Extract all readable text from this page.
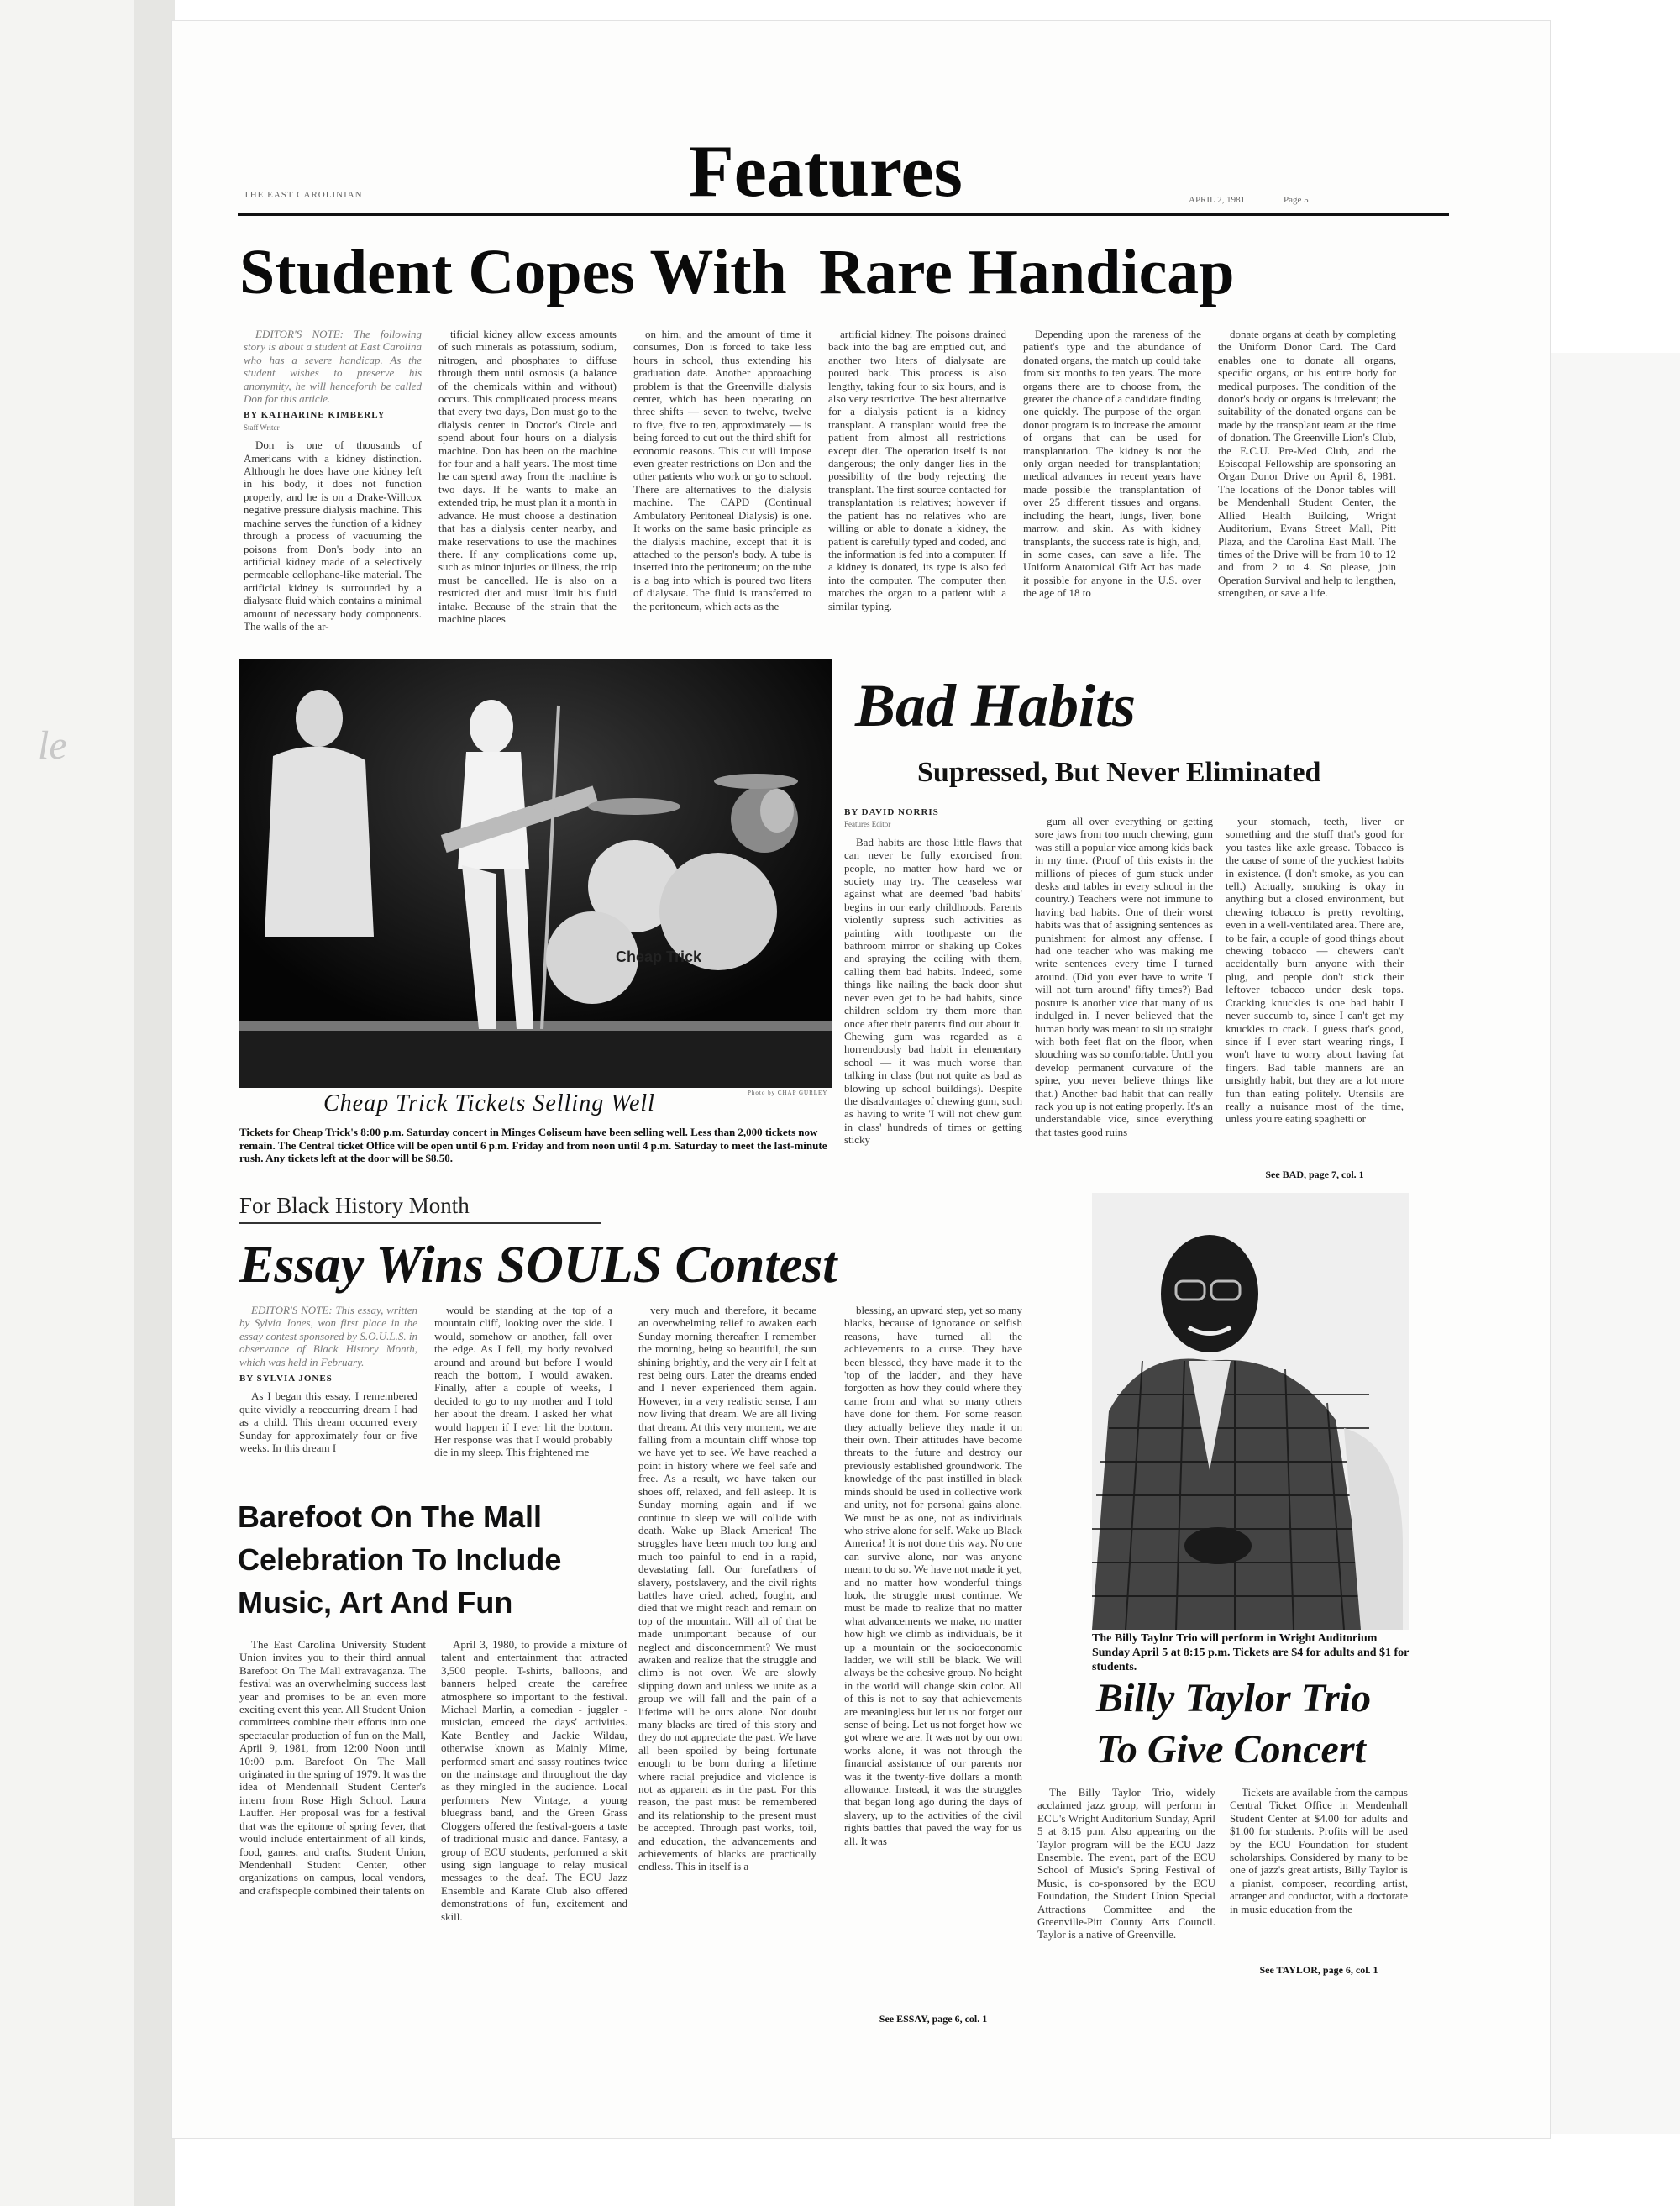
le
THE EAST CAROLINIAN	Features	APRIL 2, 1981	Page 5
Student Copes With  Rare Handicap

EDITOR'S NOTE: The following story is about a student at East Carolina who has a severe handicap. As the student wishes to preserve his anonymity, he will henceforth be called Don for this article.

BY KATHARINE KIMBERLY

Staff Writer

Don is one of thousands of Americans with a kidney distinction. Although he does have one kidney left in his body, it does not function properly, and he is on a Drake-Willcox negative pressure dialysis machine. This machine serves the function of a kidney through a process of vacuuming the poisons from Don's body into an artificial kidney made of a selectively permeable cellophane-like material. The artificial kidney is surrounded by a dialysate fluid which contains a minimal amount of necessary body components. The walls of the ar-

tificial kidney allow excess amounts of such minerals as potassium, sodium, nitrogen, and phosphates to diffuse through them until osmosis (a balance of the chemicals within and without) occurs. This complicated process means that every two days, Don must go to the dialysis center in Doctor's Circle and spend about four hours on a dialysis machine. Don has been on the machine for four and a half years. The most time he can spend away from the machine is two days. If he wants to make an extended trip, he must plan it a month in advance. He must choose a destination that has a dialysis center nearby, and make reservations to use the machines there. If any complications come up, such as minor injuries or illness, the trip must be cancelled. He is also on a restricted diet and must limit his fluid intake. Because of the strain that the machine places

on him, and the amount of time it consumes, Don is forced to take less hours in school, thus extending his graduation date. Another approaching problem is that the Greenville dialysis center, which has been operating on three shifts — seven to twelve, twelve to five, five to ten, approximately — is being forced to cut out the third shift for economic reasons. This cut will impose even greater restrictions on Don and the other patients who work or go to school. There are alternatives to the dialysis machine. The CAPD (Continual Ambulatory Peritoneal Dialysis) is one. It works on the same basic principle as the dialysis machine, except that it is attached to the person's body. A tube is inserted into the peritoneum; on the tube is a bag into which is poured two liters of dialysate. The fluid is transferred to the peritoneum, which acts as the

artificial kidney. The poisons drained back into the bag are emptied out, and another two liters of dialysate are poured back. This process is also lengthy, taking four to six hours, and is also very restrictive. The best alternative for a dialysis patient is a kidney transplant. A transplant would free the patient from almost all restrictions except diet. The operation itself is not dangerous; the only danger lies in the possibility of the body rejecting the transplant. The first source contacted for transplantation is relatives; however if the patient has no relatives who are willing or able to donate a kidney, the patient is carefully typed and coded, and the information is fed into a computer. If a kidney is donated, its type is also fed into the computer. The computer then matches the organ to a patient with a similar typing.

Depending upon the rareness of the patient's type and the abundance of donated organs, the match up could take from six months to ten years. The more organs there are to choose from, the greater the chance of a candidate finding one quickly. The purpose of the organ donor program is to increase the amount of organs that can be used for transplantation. The kidney is not the only organ needed for transplantation; medical advances in recent years have made possible the transplantation of over 25 different tissues and organs, including the heart, lungs, liver, bone marrow, and skin. As with kidney transplants, the success rate is high, and, in some cases, can save a life. The Uniform Anatomical Gift Act has made it possible for anyone in the U.S. over the age of 18 to

donate organs at death by completing the Uniform Donor Card. The Card enables one to donate all organs, specific organs, or his entire body for medical purposes. The condition of the donor's body or organs is irrelevant; the suitability of the donated organs can be made by the transplant team at the time of donation. The Greenville Lion's Club, the E.C.U. Pre-Med Club, and the Episcopal Fellowship are sponsoring an Organ Donor Drive on April 8, 1981. The locations of the Donor tables will be Mendenhall Student Center, the Allied Health Building, Wright Auditorium, Evans Street Mall, Pitt Plaza, and the Carolina East Mall. The times of the Drive will be from 10 to 12 and from 2 to 4. So please, join Operation Survival and help to lengthen, strengthen, or save a life.

Cheap Trick
Photo by CHAP GURLEY
Cheap Trick Tickets Selling Well
Tickets for Cheap Trick's 8:00 p.m. Saturday concert in Minges Coliseum have been selling well. Less than 2,000 tickets now remain. The Central ticket Office will be open until 6 p.m. Friday and from noon until 4 p.m. Saturday to meet the last-minute rush. Any tickets left at the door will be $8.50.
Bad Habits
Supressed, But Never Eliminated

BY DAVID NORRIS

Features Editor

Bad habits are those little flaws that can never be fully exorcised from people, no matter how hard we or society may try. The ceaseless war against what are deemed 'bad habits' begins in our early childhoods. Parents violently supress such activities as painting with toothpaste on the bathroom mirror or shaking up Cokes and spraying the ceiling with them, calling them bad habits. Indeed, some things like nailing the back door shut never even get to be bad habits, since children seldom try them more than once after their parents find out about it. Chewing gum was regarded as a horrendously bad habit in elementary school — it was much worse than talking in class (but not quite as bad as blowing up school buildings). Despite the disadvantages of chewing gum, such as having to write 'I will not chew gum in class' hundreds of times or getting sticky

gum all over everything or getting sore jaws from too much chewing, gum was still a popular vice among kids back in my time. (Proof of this exists in the millions of pieces of gum stuck under desks and tables in every school in the country.) Teachers were not immune to having bad habits. One of their worst habits was that of assigning sentences as punishment for almost any offense. I had one teacher who was making me write sentences every time I turned around. (Did you ever have to write 'I will not turn around' fifty times?) Bad posture is another vice that many of us indulged in. I never believed that the human body was meant to sit up straight with both feet flat on the floor, when slouching was so comfortable. Until you develop permanent curvature of the spine, you never believe things like that.) Another bad habit that can really rack you up is not eating properly. It's an understandable vice, since everything that tastes good ruins

your stomach, teeth, liver or something and the stuff that's good for you tastes like axle grease. Tobacco is the cause of some of the yuckiest habits in existence. (I don't smoke, as you can tell.) Actually, smoking is okay in anything but a closed environment, but chewing tobacco is pretty revolting, even in a well-ventilated area. There are, to be fair, a couple of good things about chewing tobacco — chewers can't accidentally burn anyone with their plug, and people don't stick their leftover tobacco under desk tops. Cracking knuckles is one bad habit I never succumb to, since I can't get my knuckles to crack. I guess that's good, since if I ever start wearing rings, I won't have to worry about having fat fingers. Bad table manners are an unsightly habit, but they are a lot more fun than eating politely. Utensils are really a nuisance most of the time, unless you're eating spaghetti or

See BAD, page 7, col. 1
For Black History Month
Essay Wins SOULS Contest

EDITOR'S NOTE: This essay, written by Sylvia Jones, won first place in the essay contest sponsored by S.O.U.L.S. in observance of Black History Month, which was held in February.

BY SYLVIA JONES

As I began this essay, I remembered quite vividly a reoccurring dream I had as a child. This dream occurred every Sunday for approximately four or five weeks. In this dream I

would be standing at the top of a mountain cliff, looking over the side. I would, somehow or another, fall over the edge. As I fell, my body revolved around and around but before I would reach the bottom, I would awaken. Finally, after a couple of weeks, I decided to go to my mother and I told her about the dream. I asked her what would happen if I ever hit the bottom. Her response was that I would probably die in my sleep. This frightened me

very much and therefore, it became an overwhelming relief to awaken each Sunday morning thereafter. I remember the morning, being so beautiful, the sun shining brightly, and the very air I felt at rest being ours. Later the dreams ended and I never experienced them again. However, in a very realistic sense, I am now living that dream. We are all living that dream. At this very moment, we are falling from a mountain cliff whose top we have yet to see. We have reached a point in history where we feel safe and free. As a result, we have taken our shoes off, relaxed, and fell asleep. It is Sunday morning again and if we continue to sleep we will collide with death. Wake up Black America! The struggles have been much too long and much too painful to end in a rapid, devastating fall. Our forefathers of slavery, postslavery, and the civil rights battles have cried, ached, fought, and died that we might reach and remain on top of the mountain. Will all of that be made unimportant because of our neglect and disconcernment? We must awaken and realize that the struggle and climb is not over. We are slowly slipping down and unless we unite as a group we will fall and the pain of a lifetime will be ours alone. Not doubt many blacks are tired of this story and they do not appreciate the past. We have all been spoiled by being fortunate enough to be born during a lifetime where racial prejudice and violence is not as apparent as in the past. For this reason, the past must be remembered and its relationship to the present must be accepted. Through past works, toil, and education, the advancements and achievements of blacks are practically endless. This in itself is a

blessing, an upward step, yet so many blacks, because of ignorance or selfish reasons, have turned all the achievements to a curse. They have been blessed, they have made it to the 'top of the ladder', and they have forgotten as how they could where they came from and what so many others have done for them. For some reason they actually believe they made it on their own. Their attitudes have become threats to the future and destroy our previously established groundwork. The knowledge of the past instilled in black minds should be used in collective work and unity, not for personal gains alone. We must be as one, not as individuals who strive alone for self. Wake up Black America! It is not done this way. No one can survive alone, nor was anyone meant to do so. We have not made it yet, and no matter how wonderful things look, the struggle must continue. We must be made to realize that no matter what advancements we make, no matter how high we climb as individuals, be it up a mountain or the socioeconomic ladder, we will still be black. We will always be the cohesive group. No height in the world will change skin color. All of this is not to say that achievements are meaningless but let us not forget our sense of being. Let us not forget how we got where we are. It was not by our own works alone, it was not through the financial assistance of our parents nor was it the twenty-five dollars a month allowance. Instead, it was the struggles that began long ago during the days of slavery, up to the activities of the civil rights battles that paved the way for us all. It was

See ESSAY, page 6, col. 1
Barefoot On The Mall
Celebration To Include
Music, Art And Fun

The East Carolina University Student Union invites you to their third annual Barefoot On The Mall extravaganza. The festival was an overwhelming success last year and promises to be an even more exciting event this year. All Student Union committees combine their efforts into one spectacular production of fun on the Mall, April 9, 1981, from 12:00 Noon until 10:00 p.m. Barefoot On The Mall originated in the spring of 1979. It was the idea of Mendenhall Student Center's intern from Rose High School, Laura Lauffer. Her proposal was for a festival that was the epitome of spring fever, that would include entertainment of all kinds, food, games, and crafts. Student Union, Mendenhall Student Center, other organizations on campus, local vendors, and craftspeople combined their talents on

April 3, 1980, to provide a mixture of talent and entertainment that attracted 3,500 people. T-shirts, balloons, and banners helped create the carefree atmosphere so important to the festival. Michael Marlin, a comedian - juggler - musician, emceed the days' activities. Kate Bentley and Jackie Wildau, otherwise known as Mainly Mime, performed smart and sassy routines twice on the mainstage and throughout the day as they mingled in the audience. Local performers New Vintage, a young bluegrass band, and the Green Grass Cloggers offered the festival-goers a taste of traditional music and dance. Fantasy, a group of ECU students, performed a skit using sign language to relay musical messages to the deaf. The ECU Jazz Ensemble and Karate Club also offered demonstrations of fun, excitement and skill.

The Billy Taylor Trio will perform in Wright Auditorium Sunday April 5 at 8:15 p.m. Tickets are $4 for adults and $1 for students.
Billy Taylor Trio
To Give Concert

The Billy Taylor Trio, widely acclaimed jazz group, will perform in ECU's Wright Auditorium Sunday, April 5 at 8:15 p.m. Also appearing on the Taylor program will be the ECU Jazz Ensemble. The event, part of the ECU School of Music's Spring Festival of Music, is co-sponsored by the ECU Foundation, the Student Union Special Attractions Committee and the Greenville-Pitt County Arts Council. Taylor is a native of Greenville.

Tickets are available from the campus Central Ticket Office in Mendenhall Student Center at $4.00 for adults and $1.00 for students. Profits will be used by the ECU Foundation for student scholarships. Considered by many to be one of jazz's great artists, Billy Taylor is a pianist, composer, recording artist, arranger and conductor, with a doctorate in music education from the

See TAYLOR, page 6, col. 1
